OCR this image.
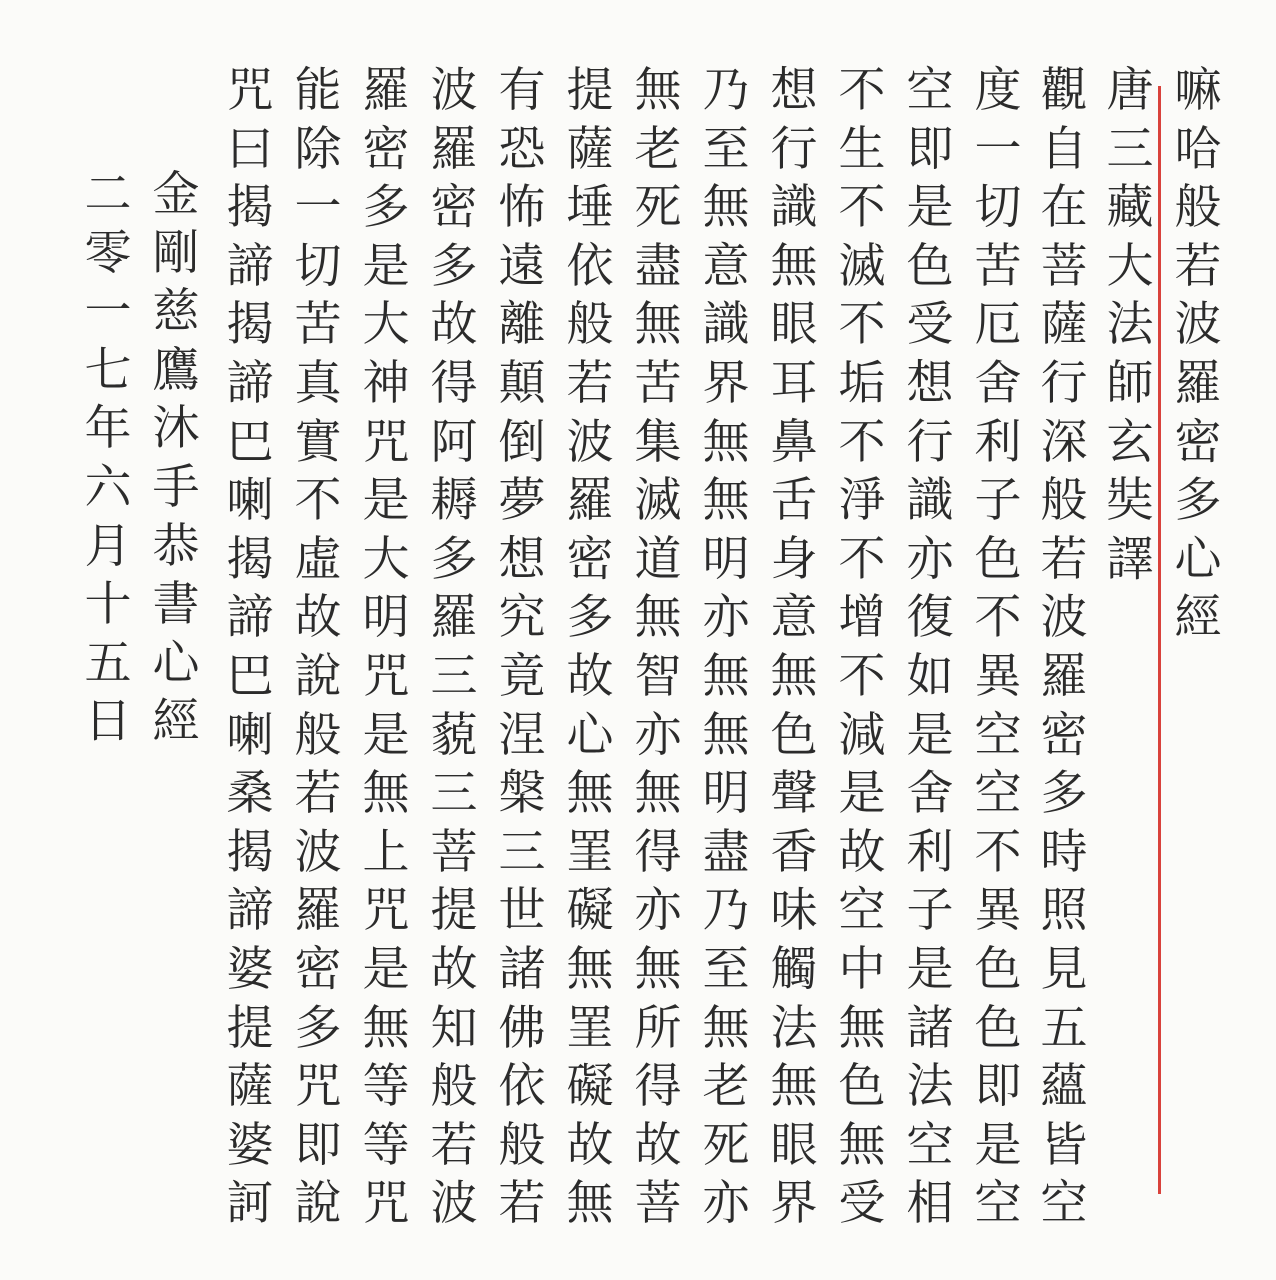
嘛哈般若波羅密多心經
唐三藏大法師玄奘譯
觀自在菩薩行深般若波羅密多時照見五蘊皆空
度一切苦厄舍利子色不異空空不異色色即是空
空即是色受想行識亦復如是舍利子是諸法空相
不生不滅不垢不淨不增不減是故空中無色無受
想行識無眼耳鼻舌身意無色聲香味觸法無眼界
乃至無意識界無無明亦無無明盡乃至無老死亦
無老死盡無苦集滅道無智亦無得亦無所得故菩
提薩埵依般若波羅密多故心無罣礙無罣礙故無
有恐怖遠離顛倒夢想究竟涅槃三世諸佛依般若
波羅密多故得阿耨多羅三藐三菩提故知般若波
羅密多是大神咒是大明咒是無上咒是無等等咒
能除一切苦真實不虛故說般若波羅密多咒即說
咒曰揭諦揭諦巴喇揭諦巴喇桑揭諦婆提薩婆訶
金剛慈鷹沐手恭書心經
二零一七年六月十五日
